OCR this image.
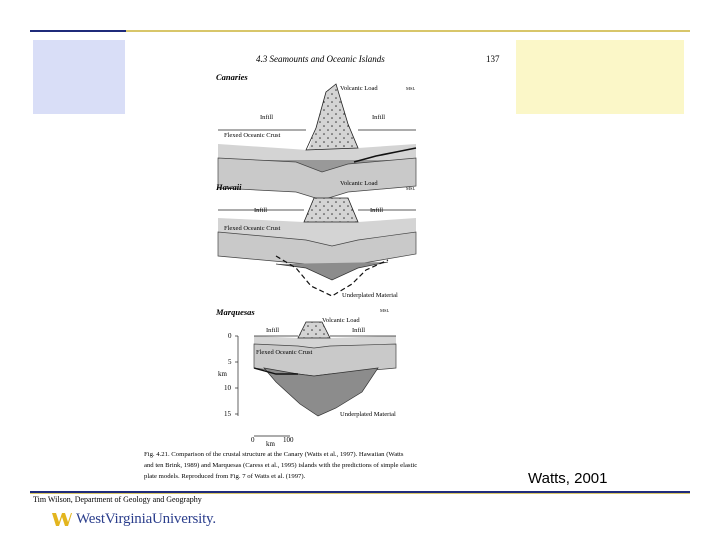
4.3 Seamounts and Oceanic Islands	137
Canaries
Volcanic Load	MSL
Infill	Infill
Flexed Oceanic Crust
Hawaii	Volcanic Load
MSL
Infill	Infill
Flexed Oceanic Crust
Underplated Material
Marquesas
Volcanic Load
MSL
Infill	Infill
Flexed Oceanic Crust
Underplated Material
0
5
10
15
km
0	100
km
Fig. 4.21. Comparison of the crustal structure at the Canary (Watts et al., 1997). Hawaiian (Watts
and ten Brink, 1989) and Marquesas (Caress et al., 1995) islands with the predictions of simple elastic
plate models. Reproduced from Fig. 7 of Watts et al. (1997).	Watts, 2001
Tim Wilson, Department of Geology and Geography
WestVirginiaUniversity.
